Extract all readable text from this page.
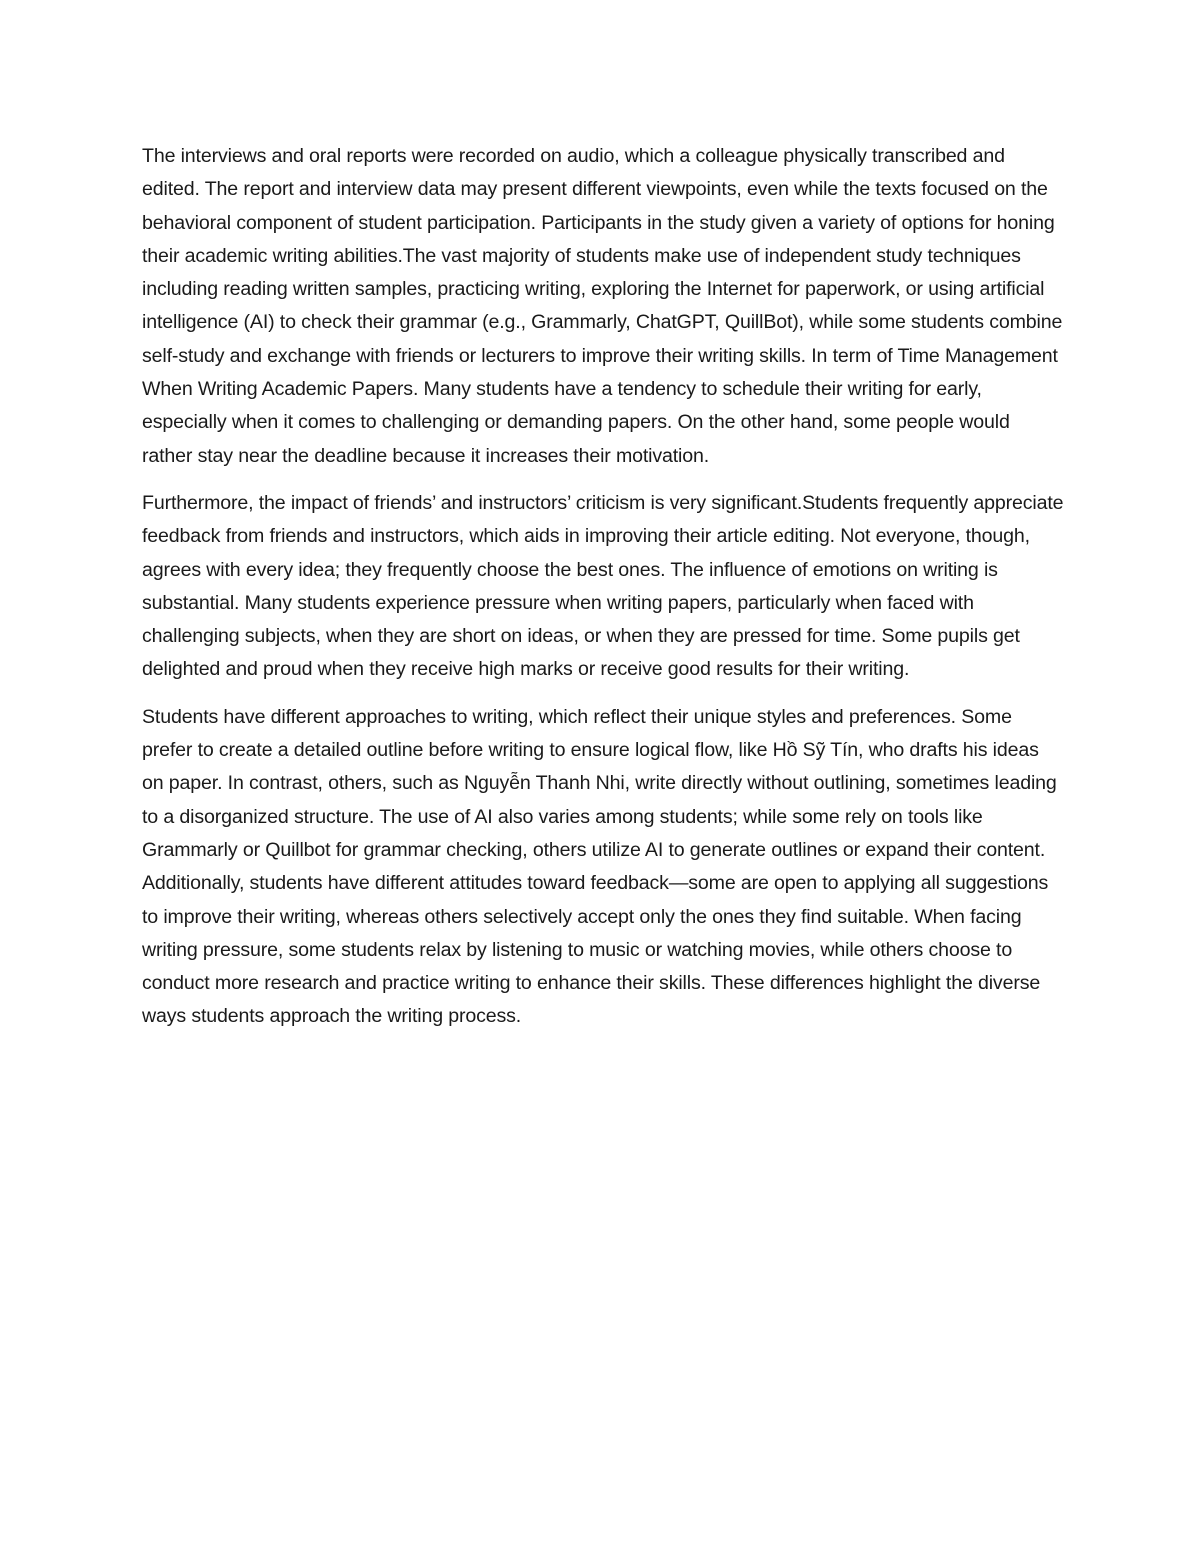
The interviews and oral reports were recorded on audio, which a colleague physically transcribed and edited. The report and interview data may present different viewpoints, even while the texts focused on the behavioral component of student participation. Participants in the study given a variety of options for honing their academic writing abilities.The vast majority of students make use of independent study techniques including reading written samples, practicing writing, exploring the Internet for paperwork, or using artificial intelligence (AI) to check their grammar (e.g., Grammarly, ChatGPT, QuillBot), while some students combine self-study and exchange with friends or lecturers to improve their writing skills. In term of Time Management When Writing Academic Papers. Many students have a tendency to schedule their writing for early, especially when it comes to challenging or demanding papers. On the other hand, some people would rather stay near the deadline because it increases their motivation.

Furthermore, the impact of friends’ and instructors’ criticism is very significant.Students frequently appreciate feedback from friends and instructors, which aids in improving their article editing. Not everyone, though, agrees with every idea; they frequently choose the best ones. The influence of emotions on writing is substantial. Many students experience pressure when writing papers, particularly when faced with challenging subjects, when they are short on ideas, or when they are pressed for time. Some pupils get delighted and proud when they receive high marks or receive good results for their writing.

Students have different approaches to writing, which reflect their unique styles and preferences. Some prefer to create a detailed outline before writing to ensure logical flow, like Hồ Sỹ Tín, who drafts his ideas on paper. In contrast, others, such as Nguyễn Thanh Nhi, write directly without outlining, sometimes leading to a disorganized structure. The use of AI also varies among students; while some rely on tools like Grammarly or Quillbot for grammar checking, others utilize AI to generate outlines or expand their content. Additionally, students have different attitudes toward feedback—some are open to applying all suggestions to improve their writing, whereas others selectively accept only the ones they find suitable. When facing writing pressure, some students relax by listening to music or watching movies, while others choose to conduct more research and practice writing to enhance their skills. These differences highlight the diverse ways students approach the writing process.
